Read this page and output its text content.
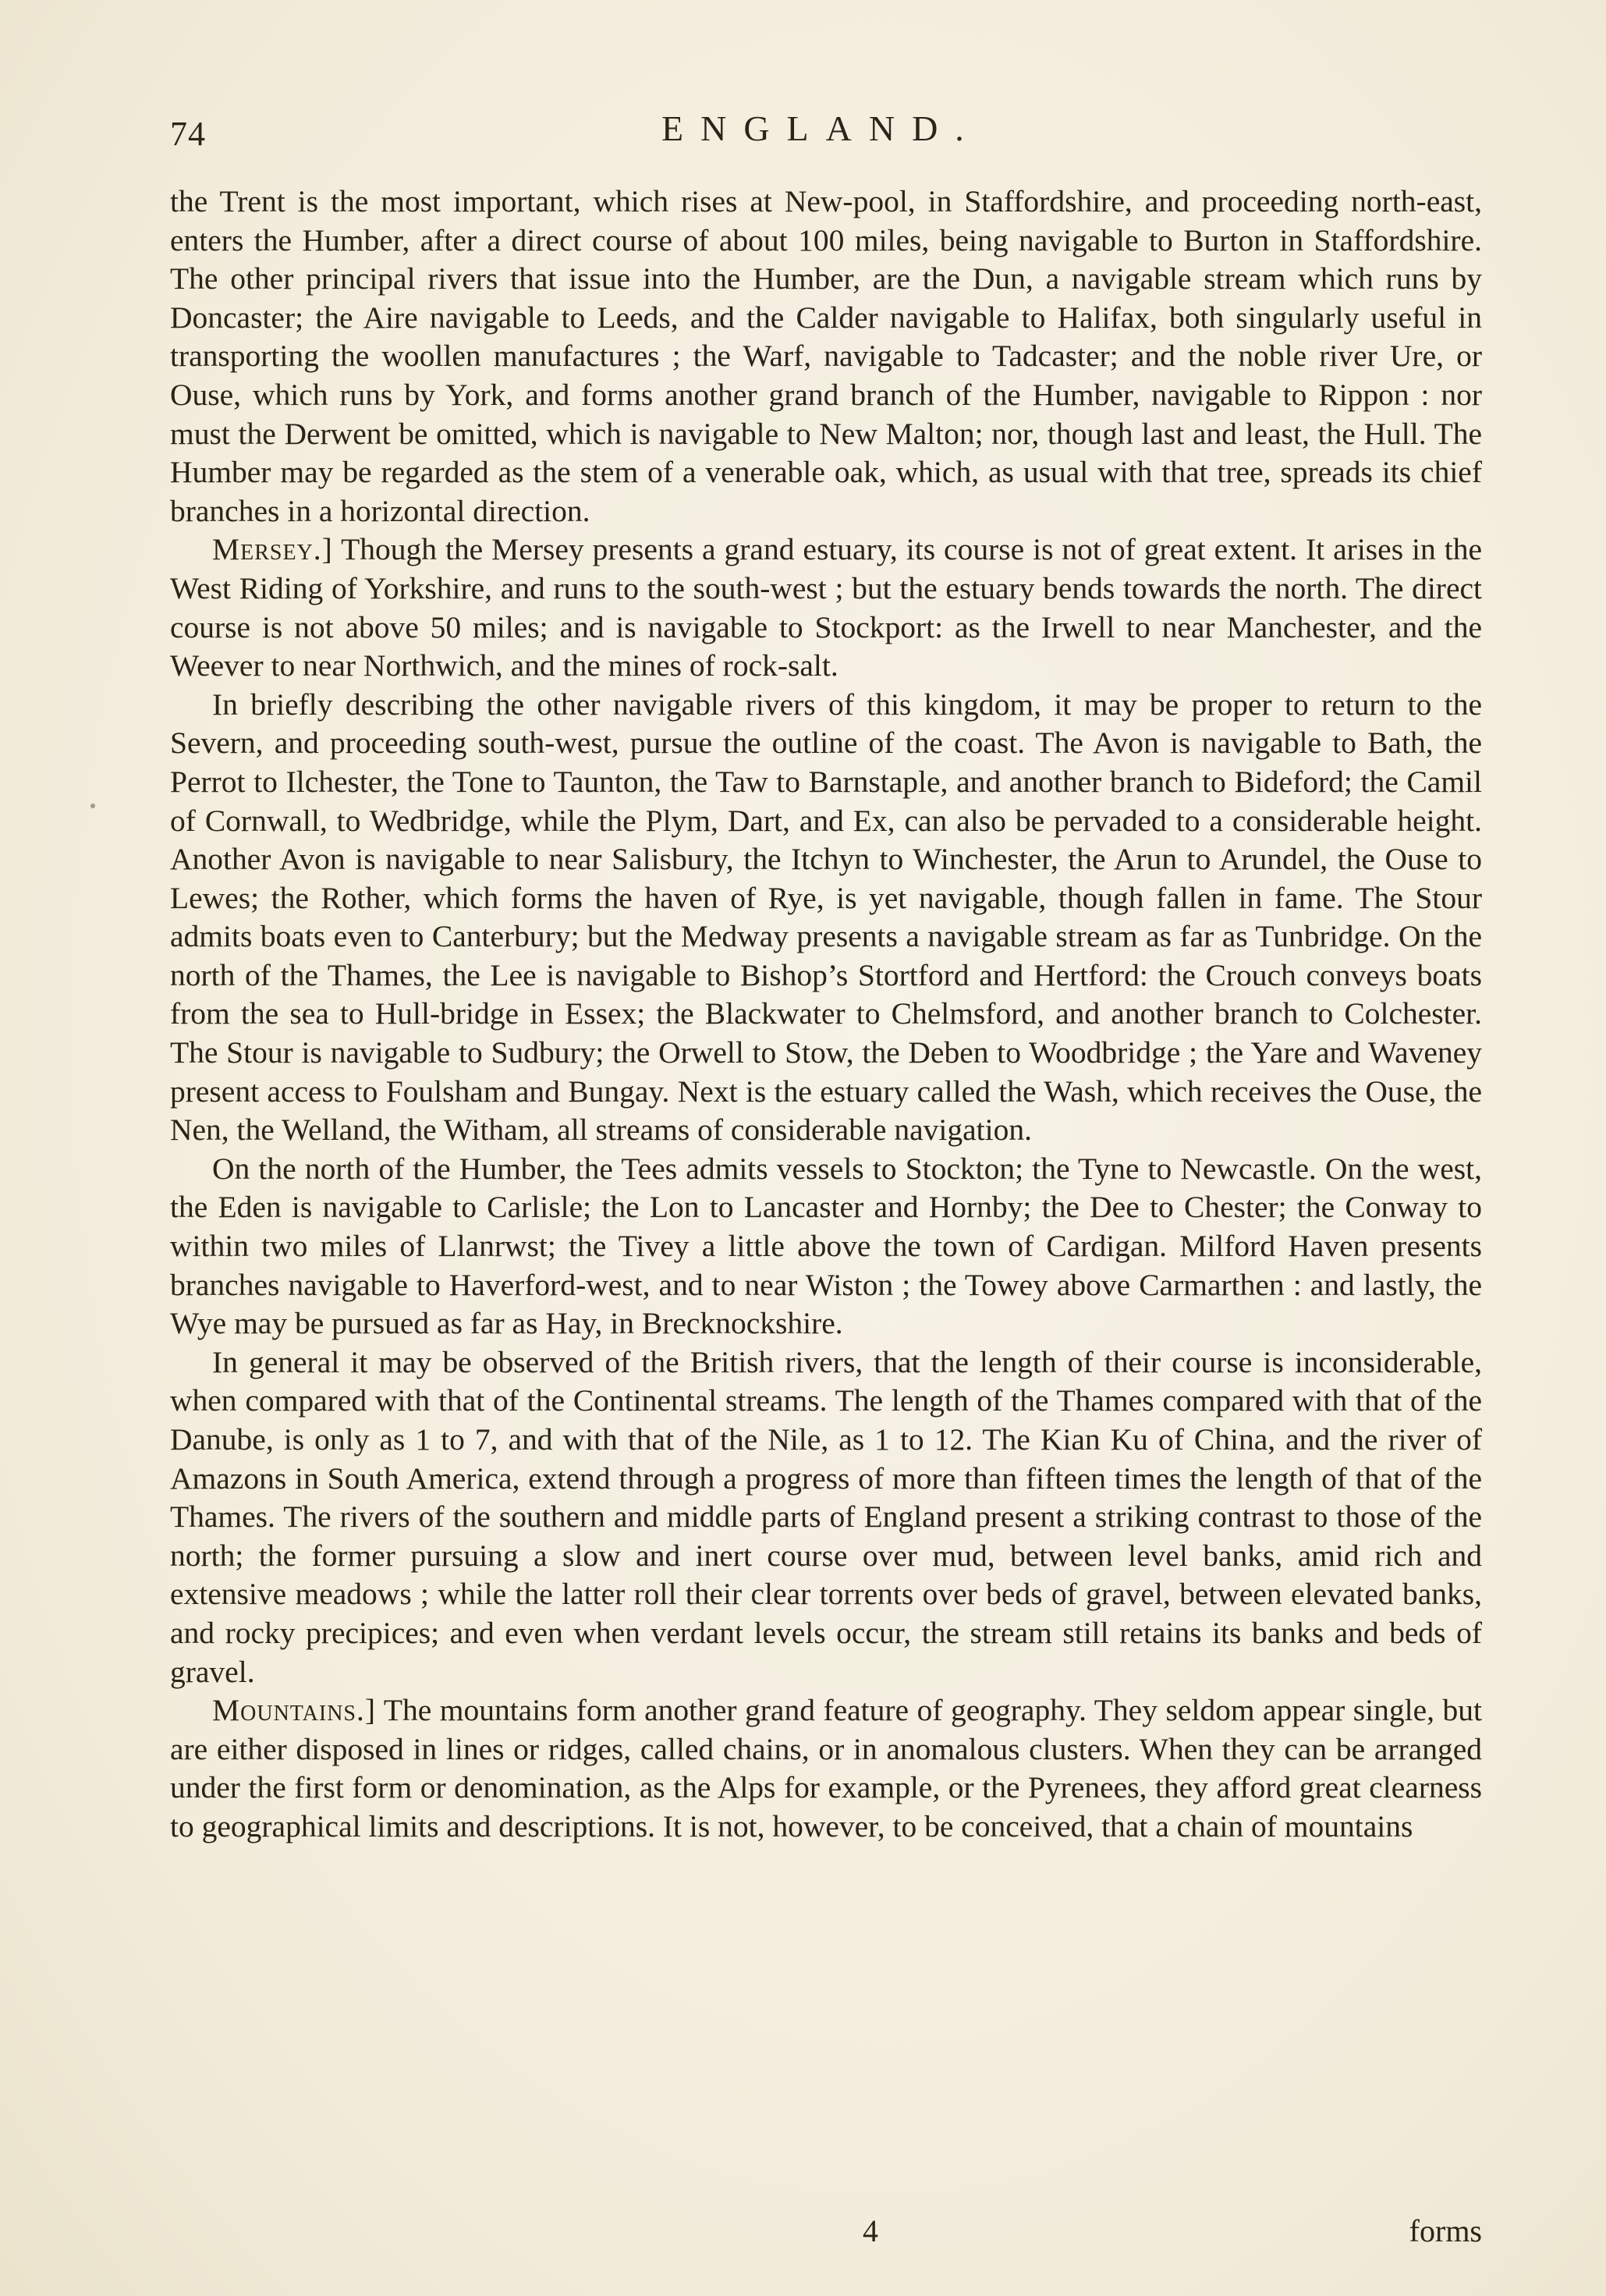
74	ENGLAND.

the Trent is the most important, which rises at New-pool, in Staffordshire, and proceeding north-east, enters the Humber, after a direct course of about 100 miles, being navigable to Burton in Staffordshire. The other principal rivers that issue into the Humber, are the Dun, a navigable stream which runs by Doncaster; the Aire navigable to Leeds, and the Calder navigable to Halifax, both singularly useful in transporting the woollen manufactures ; the Warf, navigable to Tadcaster; and the noble river Ure, or Ouse, which runs by York, and forms another grand branch of the Humber, navigable to Rippon : nor must the Derwent be omitted, which is navigable to New Malton; nor, though last and least, the Hull. The Humber may be regarded as the stem of a venerable oak, which, as usual with that tree, spreads its chief branches in a horizontal direction.

Mersey.] Though the Mersey presents a grand estuary, its course is not of great extent. It arises in the West Riding of Yorkshire, and runs to the south-west ; but the estuary bends towards the north. The direct course is not above 50 miles; and is navigable to Stockport: as the Irwell to near Manchester, and the Weever to near Northwich, and the mines of rock-salt.

In briefly describing the other navigable rivers of this kingdom, it may be proper to return to the Severn, and proceeding south-west, pursue the outline of the coast. The Avon is navigable to Bath, the Perrot to Ilchester, the Tone to Taunton, the Taw to Barnstaple, and another branch to Bideford; the Camil of Cornwall, to Wedbridge, while the Plym, Dart, and Ex, can also be pervaded to a considerable height. Another Avon is navigable to near Salisbury, the Itchyn to Winchester, the Arun to Arundel, the Ouse to Lewes; the Rother, which forms the haven of Rye, is yet navigable, though fallen in fame. The Stour admits boats even to Canterbury; but the Medway presents a navigable stream as far as Tunbridge. On the north of the Thames, the Lee is navigable to Bishop’s Stortford and Hertford: the Crouch conveys boats from the sea to Hull-bridge in Essex; the Blackwater to Chelmsford, and another branch to Colchester. The Stour is navigable to Sudbury; the Orwell to Stow, the Deben to Woodbridge ; the Yare and Waveney present access to Foulsham and Bungay. Next is the estuary called the Wash, which receives the Ouse, the Nen, the Welland, the Witham, all streams of considerable navigation.

On the north of the Humber, the Tees admits vessels to Stockton; the Tyne to Newcastle. On the west, the Eden is navigable to Carlisle; the Lon to Lancaster and Hornby; the Dee to Chester; the Conway to within two miles of Llanrwst; the Tivey a little above the town of Cardigan. Milford Haven presents branches navigable to Haverford-west, and to near Wiston ; the Towey above Carmarthen : and lastly, the Wye may be pursued as far as Hay, in Brecknockshire.

In general it may be observed of the British rivers, that the length of their course is inconsiderable, when compared with that of the Continental streams. The length of the Thames compared with that of the Danube, is only as 1 to 7, and with that of the Nile, as 1 to 12. The Kian Ku of China, and the river of Amazons in South America, extend through a progress of more than fifteen times the length of that of the Thames. The rivers of the southern and middle parts of England present a striking contrast to those of the north; the former pursuing a slow and inert course over mud, between level banks, amid rich and extensive meadows ; while the latter roll their clear torrents over beds of gravel, between elevated banks, and rocky precipices; and even when verdant levels occur, the stream still retains its banks and beds of gravel.

Mountains.] The mountains form another grand feature of geography. They seldom appear single, but are either disposed in lines or ridges, called chains, or in anomalous clusters. When they can be arranged under the first form or denomination, as the Alps for example, or the Pyrenees, they afford great clearness to geographical limits and descriptions. It is not, however, to be conceived, that a chain of mountains

4	forms
